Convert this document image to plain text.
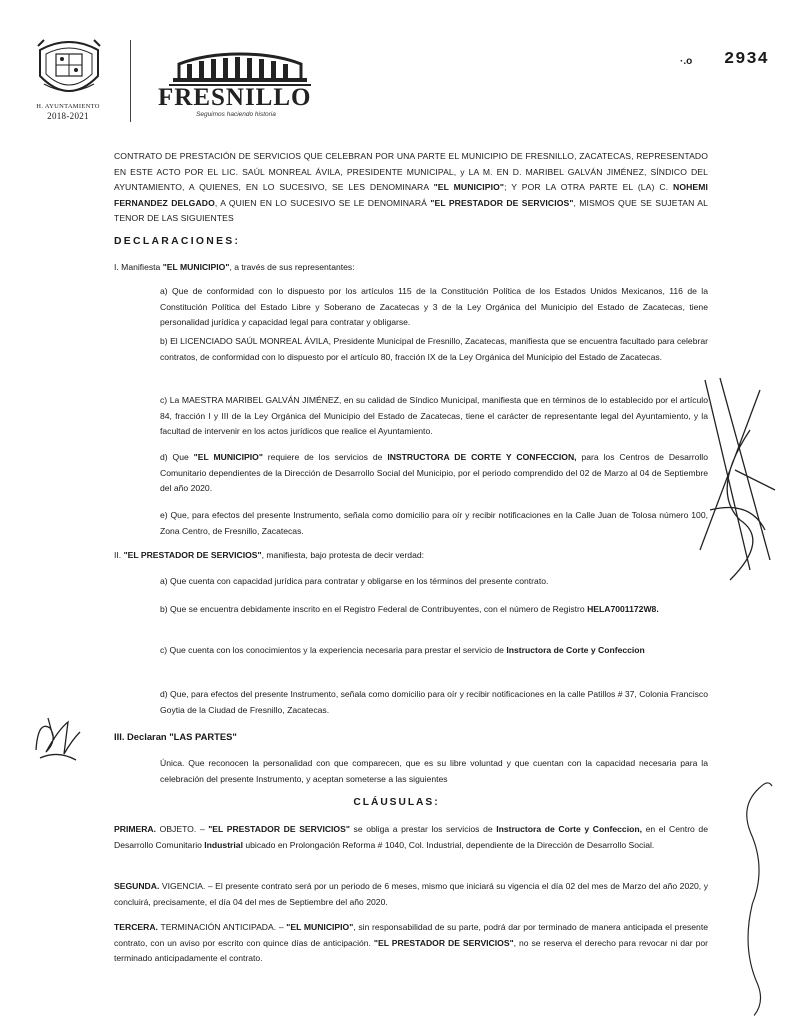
H. AYUNTAMIENTO
2018-2021
FRESNILLO
Seguimos haciendo historia
·.o 2934
CONTRATO DE PRESTACIÓN DE SERVICIOS QUE CELEBRAN POR UNA PARTE EL MUNICIPIO DE FRESNILLO, ZACATECAS, REPRESENTADO EN ESTE ACTO POR EL LIC. SAÚL MONREAL ÁVILA, PRESIDENTE MUNICIPAL, y LA M. EN D. MARIBEL GALVÁN JIMÉNEZ, SÍNDICO DEL AYUNTAMIENTO, A QUIENES, EN LO SUCESIVO, SE LES DENOMINARA "EL MUNICIPIO"; Y POR LA OTRA PARTE EL (LA) C. NOHEMI FERNANDEZ DELGADO, A QUIEN EN LO SUCESIVO SE LE DENOMINARÁ "EL PRESTADOR DE SERVICIOS", MISMOS QUE SE SUJETAN AL TENOR DE LAS SIGUIENTES
DECLARACIONES:
I. Manifiesta "EL MUNICIPIO", a través de sus representantes:
a) Que de conformidad con lo dispuesto por los artículos 115 de la Constitución Política de los Estados Unidos Mexicanos, 116 de la Constitución Política del Estado Libre y Soberano de Zacatecas y 3 de la Ley Orgánica del Municipio del Estado de Zacatecas, tiene personalidad jurídica y capacidad legal para contratar y obligarse.
b) El LICENCIADO SAÚL MONREAL ÁVILA, Presidente Municipal de Fresnillo, Zacatecas, manifiesta que se encuentra facultado para celebrar contratos, de conformidad con lo dispuesto por el artículo 80, fracción IX de la Ley Orgánica del Municipio del Estado de Zacatecas.
c) La MAESTRA MARIBEL GALVÁN JIMÉNEZ, en su calidad de Síndico Municipal, manifiesta que en términos de lo establecido por el artículo 84, fracción I y III de la Ley Orgánica del Municipio del Estado de Zacatecas, tiene el carácter de representante legal del Ayuntamiento, y la facultad de intervenir en los actos jurídicos que realice el Ayuntamiento.
d) Que "EL MUNICIPIO" requiere de los servicios de INSTRUCTORA DE CORTE Y CONFECCION, para los Centros de Desarrollo Comunitario dependientes de la Dirección de Desarrollo Social del Municipio, por el periodo comprendido del 02 de Marzo al 04 de Septiembre del año 2020.
e) Que, para efectos del presente Instrumento, señala como domicilio para oír y recibir notificaciones en la Calle Juan de Tolosa número 100, Zona Centro, de Fresnillo, Zacatecas.
II. "EL PRESTADOR DE SERVICIOS", manifiesta, bajo protesta de decir verdad:
a) Que cuenta con capacidad jurídica para contratar y obligarse en los términos del presente contrato.
b) Que se encuentra debidamente inscrito en el Registro Federal de Contribuyentes, con el número de Registro HELA7001172W8.
c) Que cuenta con los conocimientos y la experiencia necesaria para prestar el servicio de Instructora de Corte y Confeccion
d) Que, para efectos del presente Instrumento, señala como domicilio para oír y recibir notificaciones en la calle Patillos # 37, Colonia Francisco Goytia de la Ciudad de Fresnillo, Zacatecas.
III. Declaran "LAS PARTES"
Única. Que reconocen la personalidad con que comparecen, que es su libre voluntad y que cuentan con la capacidad necesaria para la celebración del presente Instrumento, y aceptan someterse a las siguientes
CLÁUSULAS:
PRIMERA. OBJETO. – "EL PRESTADOR DE SERVICIOS" se obliga a prestar los servicios de Instructora de Corte y Confeccion, en el Centro de Desarrollo Comunitario Industrial ubicado en Prolongación Reforma # 1040, Col. Industrial, dependiente de la Dirección de Desarrollo Social.
SEGUNDA. VIGENCIA. – El presente contrato será por un periodo de 6 meses, mismo que iniciará su vigencia el día 02 del mes de Marzo del año 2020, y concluirá, precisamente, el día 04 del mes de Septiembre del año 2020.
TERCERA. TERMINACIÓN ANTICIPADA. – "EL MUNICIPIO", sin responsabilidad de su parte, podrá dar por terminado de manera anticipada el presente contrato, con un aviso por escrito con quince días de anticipación. "EL PRESTADOR DE SERVICIOS", no se reserva el derecho para revocar ni dar por terminado anticipadamente el contrato.
